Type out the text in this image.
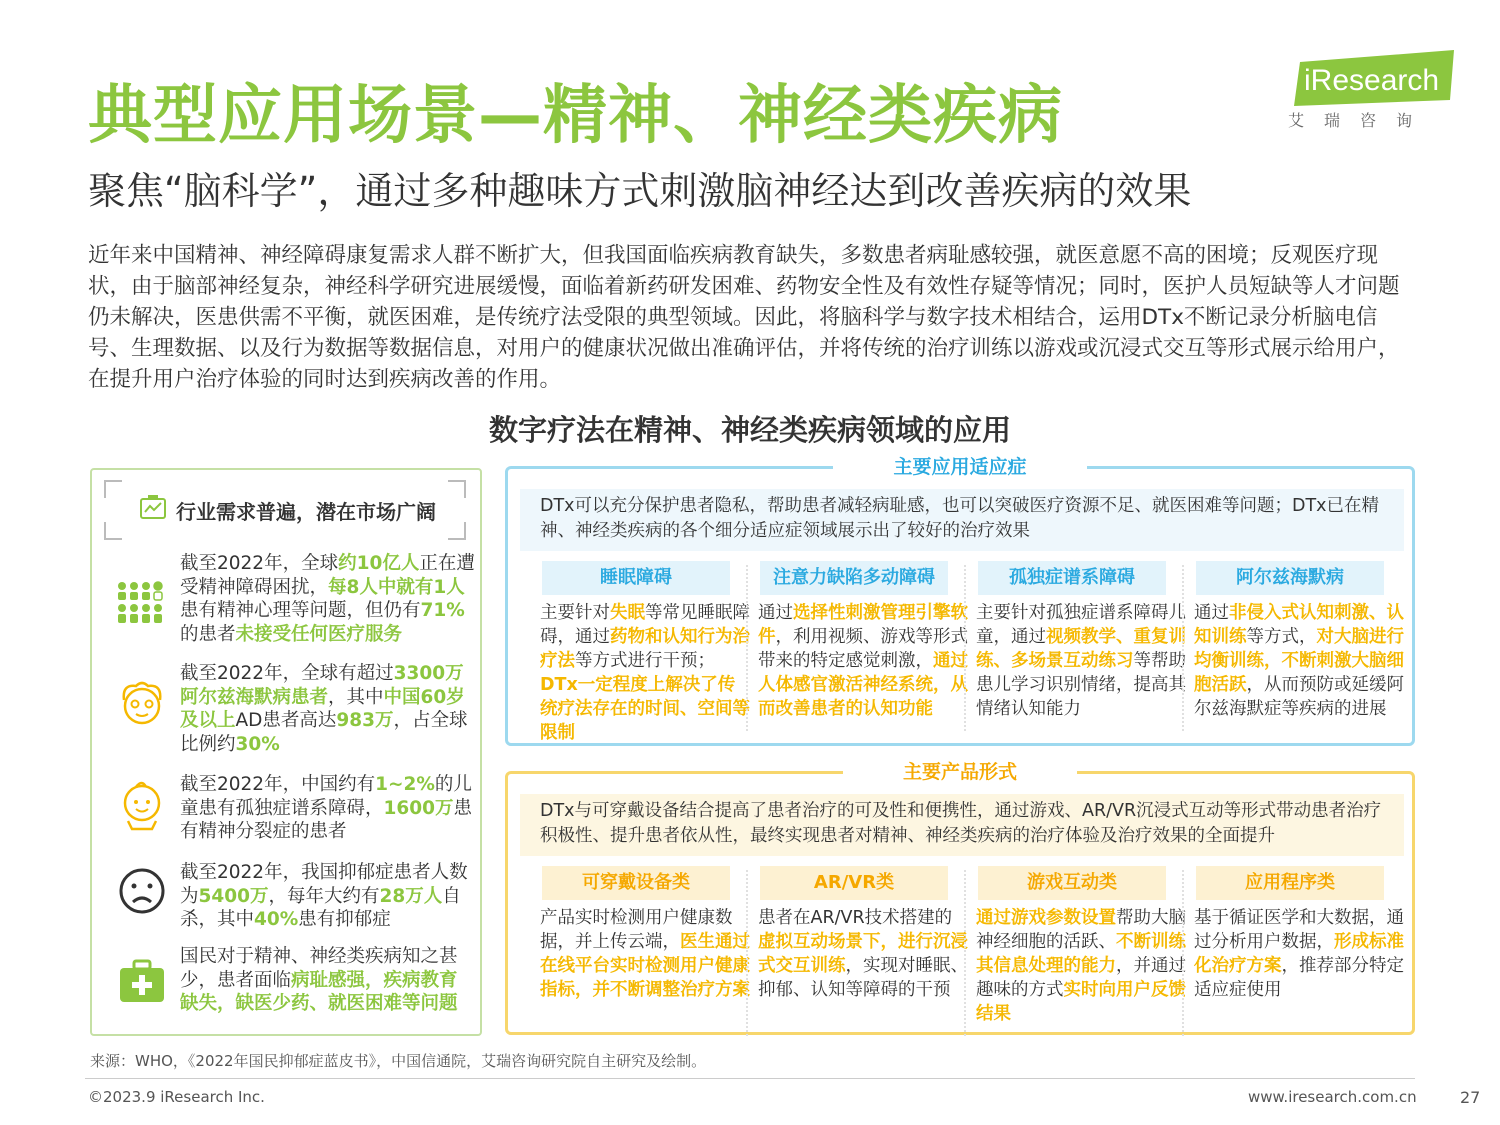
iResearch
艾瑞咨询
典型应用场景—精神、神经类疾病
聚焦“脑科学”，通过多种趣味方式刺激脑神经达到改善疾病的效果
近年来中国精神、神经障碍康复需求人群不断扩大，但我国面临疾病教育缺失，多数患者病耻感较强，就医意愿不高的困境；反观医疗现状，由于脑部神经复杂，神经科学研究进展缓慢，面临着新药研发困难、药物安全性及有效性存疑等情况；同时，医护人员短缺等人才问题仍未解决，医患供需不平衡，就医困难，是传统疗法受限的典型领域。因此，将脑科学与数字技术相结合，运用DTx不断记录分析脑电信号、生理数据、以及行为数据等数据信息，对用户的健康状况做出准确评估，并将传统的治疗训练以游戏或沉浸式交互等形式展示给用户，在提升用户治疗体验的同时达到疾病改善的作用。
数字疗法在精神、神经类疾病领域的应用
行业需求普遍，潜在市场广阔
截至2022年，全球约10亿人正在遭受精神障碍困扰，每8人中就有1人患有精神心理等问题，但仍有71%的患者未接受任何医疗服务
截至2022年，全球有超过3300万阿尔兹海默病患者，其中中国60岁及以上AD患者高达983万，占全球比例约30%
截至2022年，中国约有1~2%的儿童患有孤独症谱系障碍，1600万患有精神分裂症的患者
截至2022年，我国抑郁症患者人数为5400万，每年大约有28万人自杀，其中40%患有抑郁症
国民对于精神、神经类疾病知之甚少，患者面临病耻感强，疾病教育缺失，缺医少药、就医困难等问题
主要应用适应症
DTx可以充分保护患者隐私，帮助患者减轻病耻感，也可以突破医疗资源不足、就医困难等问题；DTx已在精神、神经类疾病的各个细分适应症领域展示出了较好的治疗效果
睡眠障碍
主要针对失眠等常见睡眠障碍，通过药物和认知行为治疗法等方式进行干预；DTx一定程度上解决了传统疗法存在的时间、空间等限制
注意力缺陷多动障碍
通过选择性刺激管理引擎软件，利用视频、游戏等形式带来的特定感觉刺激，通过人体感官激活神经系统，从而改善患者的认知功能
孤独症谱系障碍
主要针对孤独症谱系障碍儿童，通过视频教学、重复训练、多场景互动练习等帮助患儿学习识别情绪，提高其情绪认知能力
阿尔兹海默病
通过非侵入式认知刺激、认知训练等方式，对大脑进行均衡训练，不断刺激大脑细胞活跃，从而预防或延缓阿尔兹海默症等疾病的进展
主要产品形式
DTx与可穿戴设备结合提高了患者治疗的可及性和便携性，通过游戏、AR/VR沉浸式互动等形式带动患者治疗积极性、提升患者依从性，最终实现患者对精神、神经类疾病的治疗体验及治疗效果的全面提升
可穿戴设备类
产品实时检测用户健康数据，并上传云端，医生通过在线平台实时检测用户健康指标，并不断调整治疗方案
AR/VR类
患者在AR/VR技术搭建的虚拟互动场景下，进行沉浸式交互训练，实现对睡眠、抑郁、认知等障碍的干预
游戏互动类
通过游戏参数设置帮助大脑神经细胞的活跃、不断训练其信息处理的能力，并通过趣味的方式实时向用户反馈结果
应用程序类
基于循证医学和大数据，通过分析用户数据，形成标准化治疗方案，推荐部分特定适应症使用
来源：WHO，《2022年国民抑郁症蓝皮书》，中国信通院，艾瑞咨询研究院自主研究及绘制。
©2023.9 iResearch Inc.	www.iresearch.com.cn	27
